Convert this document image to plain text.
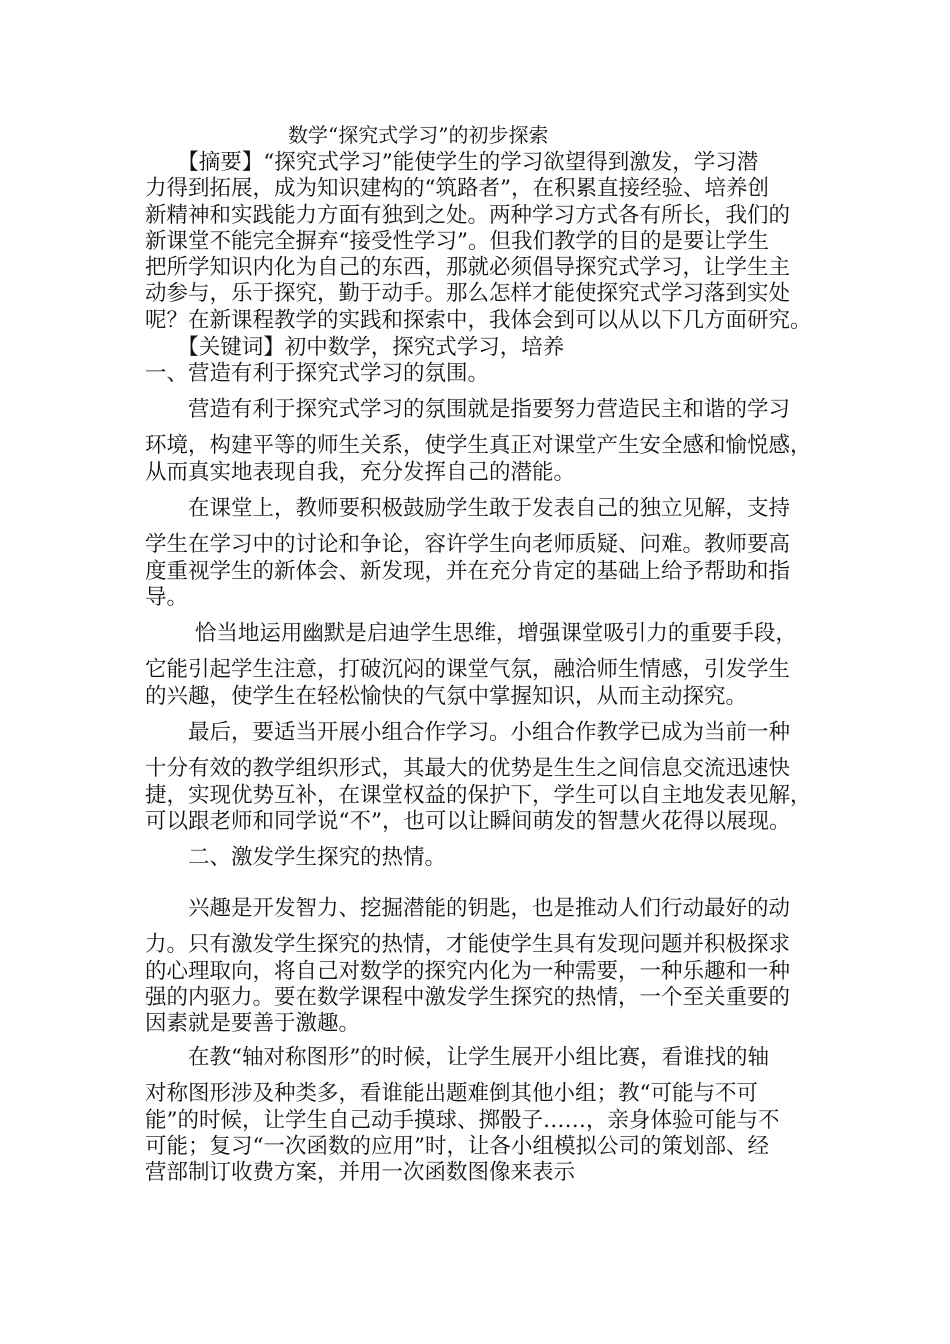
数学“探究式学习”的初步探索
　　【摘要】“探究式学习”能使学生的学习欲望得到激发，学习潜
力得到拓展，成为知识建构的“筑路者”，在积累直接经验、培养创
新精神和实践能力方面有独到之处。两种学习方式各有所长，我们的
新课堂不能完全摒弃“接受性学习”。但我们教学的目的是要让学生
把所学知识内化为自己的东西，那就必须倡导探究式学习，让学生主
动参与，乐于探究，勤于动手。那么怎样才能使探究式学习落到实处
呢？在新课程教学的实践和探索中，我体会到可以从以下几方面研究。
　　【关键词】初中数学，探究式学习，培养
一、营造有利于探究式学习的氛围。
　　营造有利于探究式学习的氛围就是指要努力营造民主和谐的学习
环境，构建平等的师生关系，使学生真正对课堂产生安全感和愉悦感，
从而真实地表现自我，充分发挥自己的潜能。
　　在课堂上，教师要积极鼓励学生敢于发表自己的独立见解，支持
学生在学习中的讨论和争论，容许学生向老师质疑、问难。教师要高
度重视学生的新体会、新发现，并在充分肯定的基础上给予帮助和指
导。
　　 恰当地运用幽默是启迪学生思维，增强课堂吸引力的重要手段，
它能引起学生注意，打破沉闷的课堂气氛，融洽师生情感，引发学生
的兴趣，使学生在轻松愉快的气氛中掌握知识，从而主动探究。
　　最后，要适当开展小组合作学习。小组合作教学已成为当前一种
十分有效的教学组织形式，其最大的优势是生生之间信息交流迅速快
捷，实现优势互补，在课堂权益的保护下，学生可以自主地发表见解，
可以跟老师和同学说“不”，也可以让瞬间萌发的智慧火花得以展现。
　　二、激发学生探究的热情。
　　兴趣是开发智力、挖掘潜能的钥匙，也是推动人们行动最好的动
力。只有激发学生探究的热情，才能使学生具有发现问题并积极探求
的心理取向，将自己对数学的探究内化为一种需要，一种乐趣和一种
强的内驱力。要在数学课程中激发学生探究的热情，一个至关重要的
因素就是要善于激趣。
　　在教“轴对称图形”的时候，让学生展开小组比赛，看谁找的轴
对称图形涉及种类多，看谁能出题难倒其他小组；教“可能与不可
能”的时候，让学生自己动手摸球、掷骰子……，亲身体验可能与不
可能；复习“一次函数的应用”时，让各小组模拟公司的策划部、经
营部制订收费方案，并用一次函数图像来表示
